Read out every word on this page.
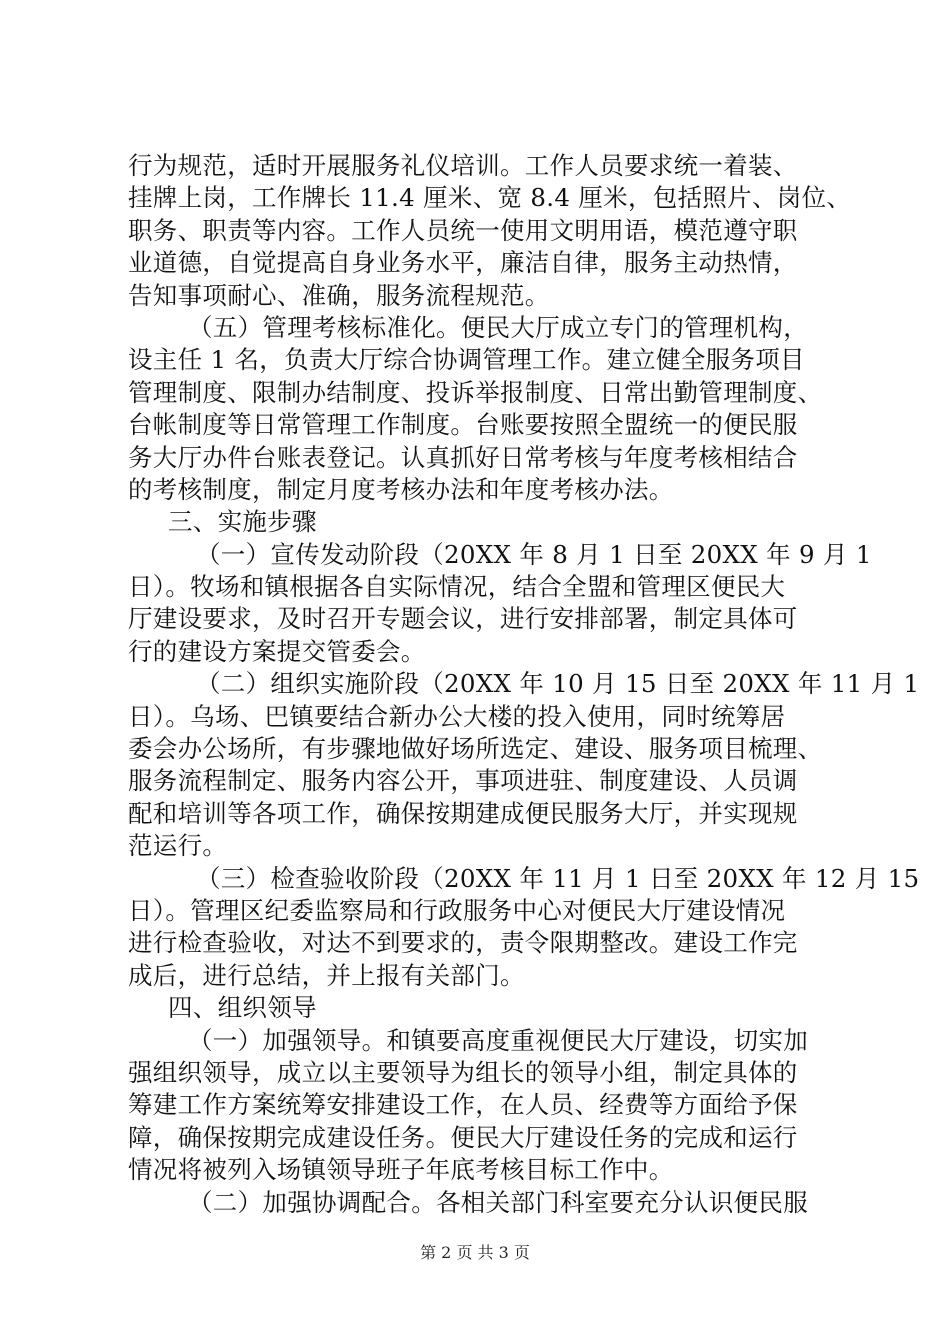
行为规范，适时开展服务礼仪培训。工作人员要求统一着装、
挂牌上岗，工作牌长 11.4 厘米、宽 8.4 厘米，包括照片、岗位、
职务、职责等内容。工作人员统一使用文明用语，模范遵守职
业道德，自觉提高自身业务水平，廉洁自律，服务主动热情，
告知事项耐心、准确，服务流程规范。
（五）管理考核标准化。便民大厅成立专门的管理机构，
设主任 1 名，负责大厅综合协调管理工作。建立健全服务项目
管理制度、限制办结制度、投诉举报制度、日常出勤管理制度、
台帐制度等日常管理工作制度。台账要按照全盟统一的便民服
务大厅办件台账表登记。认真抓好日常考核与年度考核相结合
的考核制度，制定月度考核办法和年度考核办法。
三、实施步骤
（一）宣传发动阶段（20XX 年 8 月 1 日至 20XX 年 9 月 1
日）。牧场和镇根据各自实际情况，结合全盟和管理区便民大
厅建设要求，及时召开专题会议，进行安排部署，制定具体可
行的建设方案提交管委会。
（二）组织实施阶段（20XX 年 10 月 15 日至 20XX 年 11 月 1
日）。乌场、巴镇要结合新办公大楼的投入使用，同时统筹居
委会办公场所，有步骤地做好场所选定、建设、服务项目梳理、
服务流程制定、服务内容公开，事项进驻、制度建设、人员调
配和培训等各项工作，确保按期建成便民服务大厅，并实现规
范运行。
（三）检查验收阶段（20XX 年 11 月 1 日至 20XX 年 12 月 15
日）。管理区纪委监察局和行政服务中心对便民大厅建设情况
进行检查验收，对达不到要求的，责令限期整改。建设工作完
成后，进行总结，并上报有关部门。
四、组织领导
（一）加强领导。和镇要高度重视便民大厅建设，切实加
强组织领导，成立以主要领导为组长的领导小组，制定具体的
筹建工作方案统筹安排建设工作，在人员、经费等方面给予保
障，确保按期完成建设任务。便民大厅建设任务的完成和运行
情况将被列入场镇领导班子年底考核目标工作中。
（二）加强协调配合。各相关部门科室要充分认识便民服
第 2 页 共 3 页
